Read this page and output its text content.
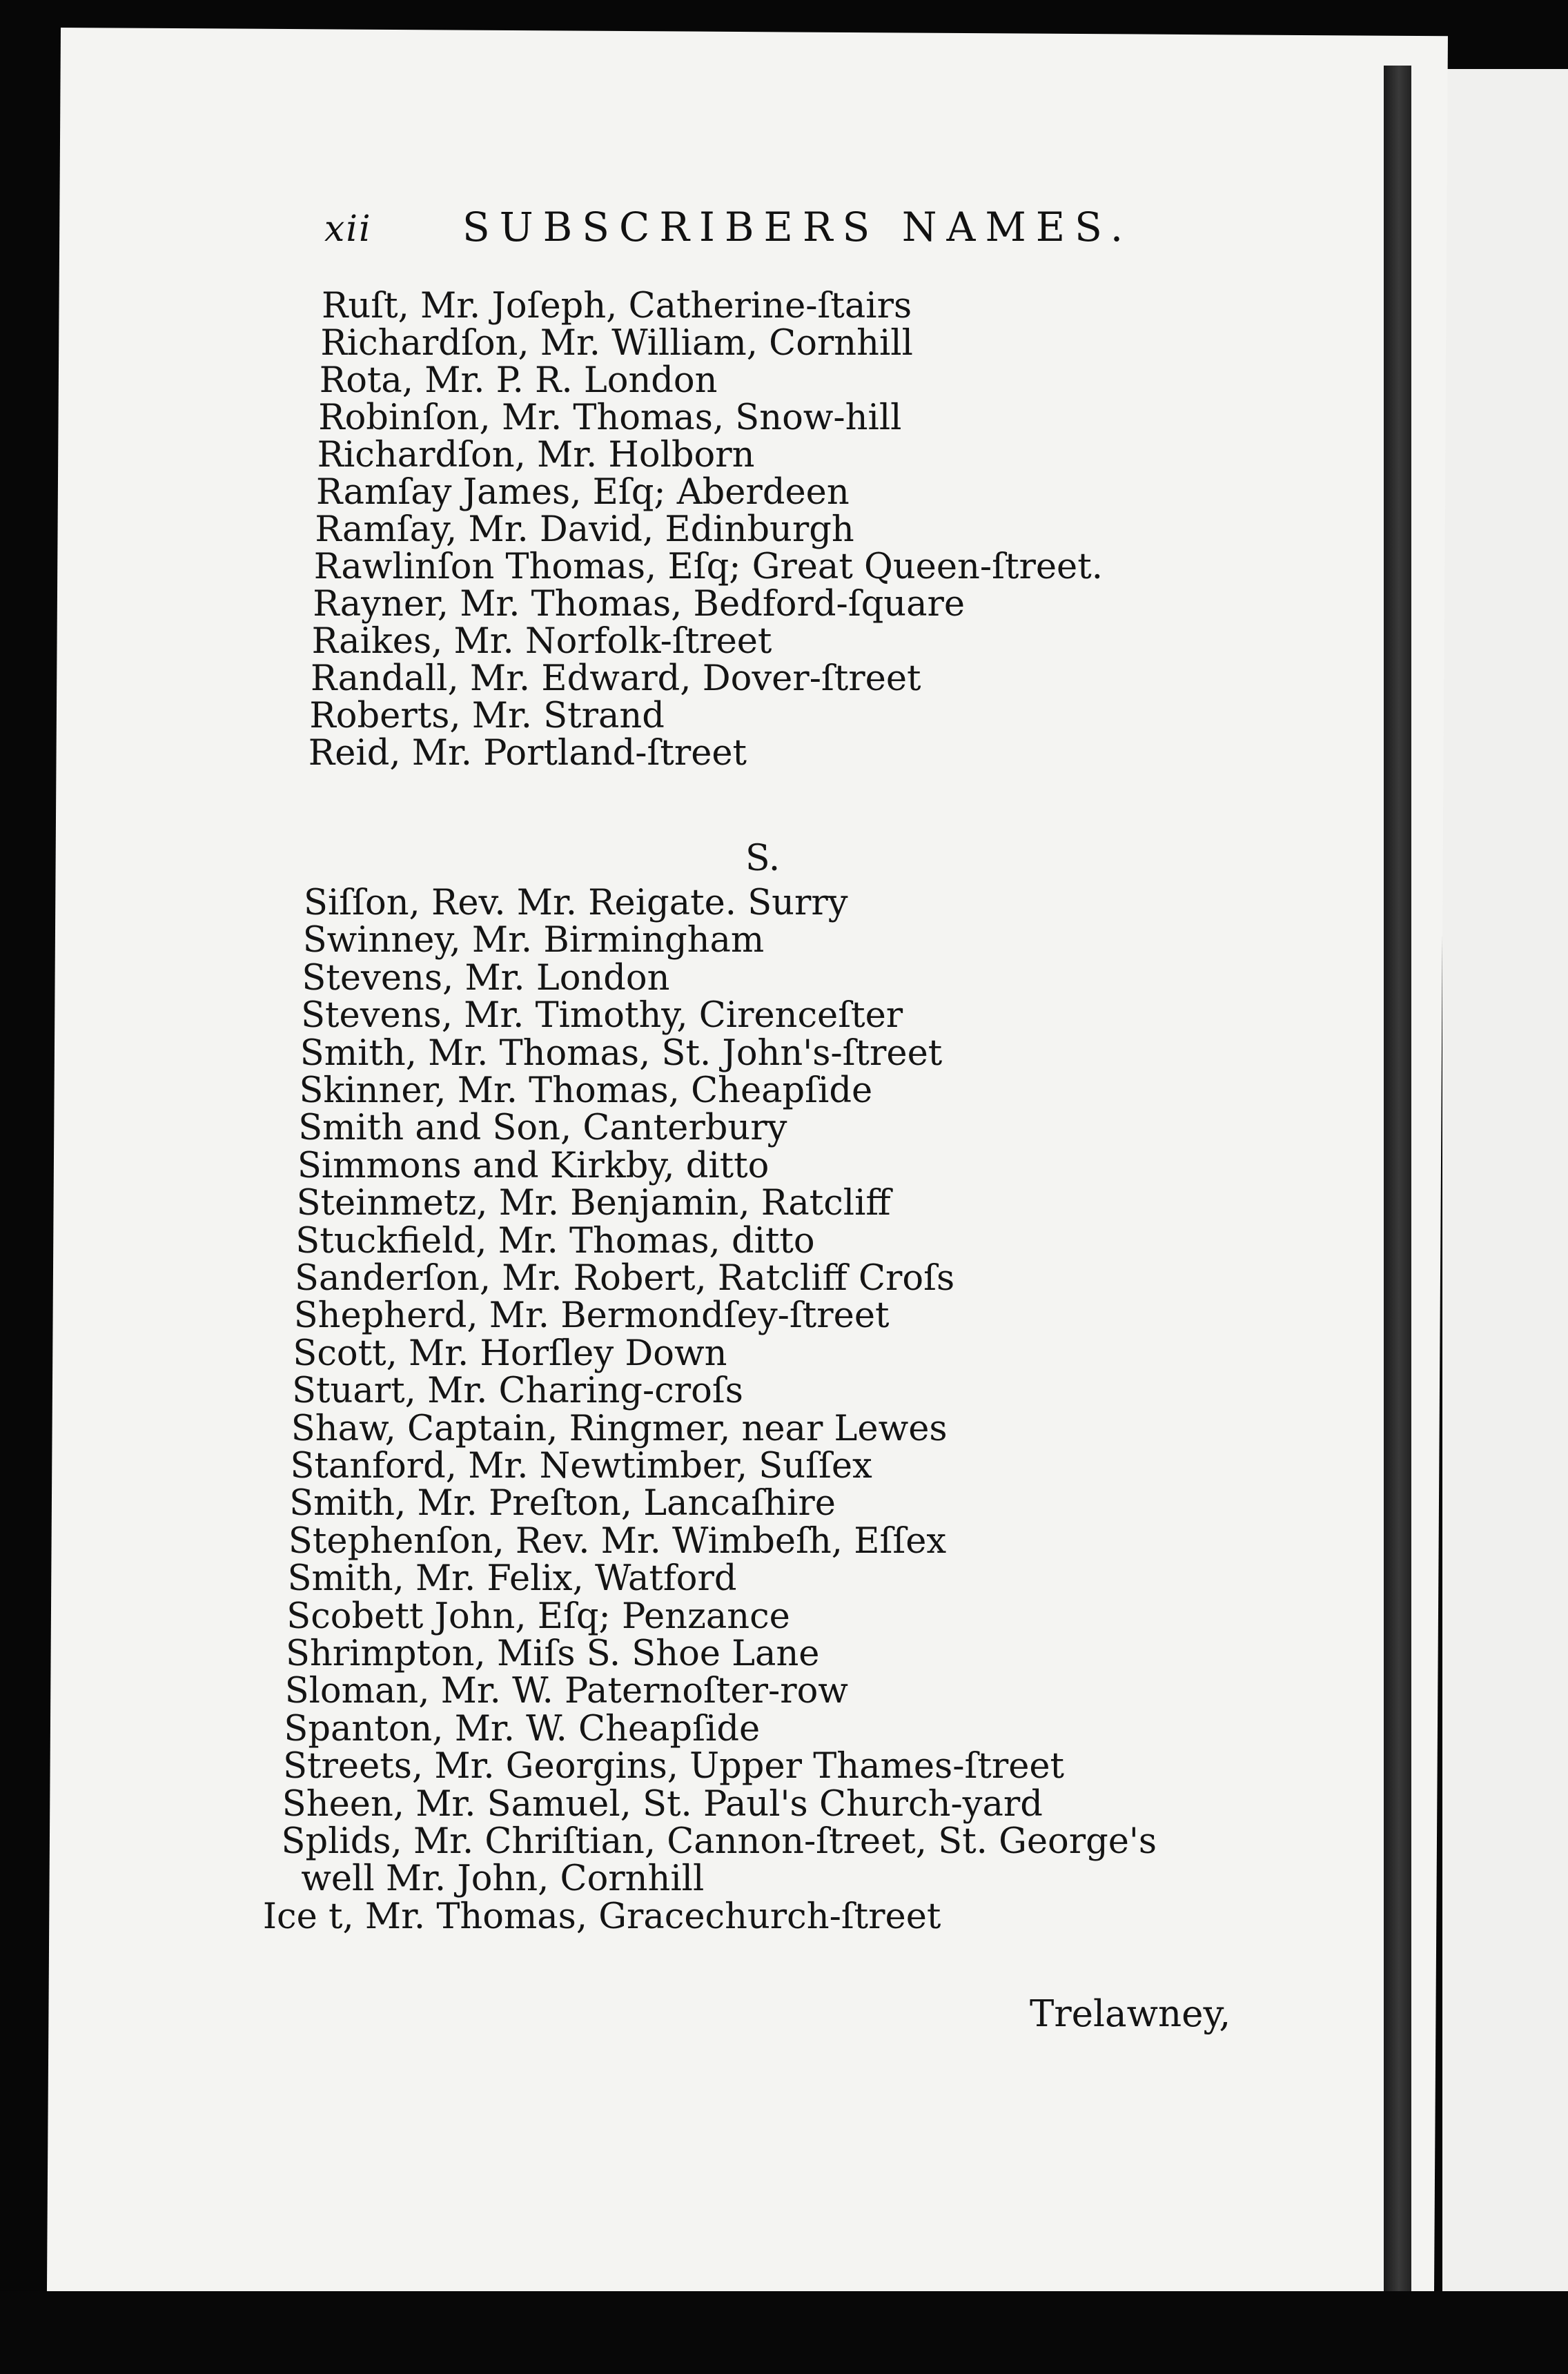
xii SUBSCRIBERS NAMES.
Ruſt, Mr. Joſeph, Catherine-ſtairs
Richardſon, Mr. William, Cornhill
Rota, Mr. P. R. London
Robinſon, Mr. Thomas, Snow-hill
Richardſon, Mr. Holborn
Ramſay James, Eſq; Aberdeen
Ramſay, Mr. David, Edinburgh
Rawlinſon Thomas, Eſq; Great Queen-ſtreet.
Rayner, Mr. Thomas, Bedford-ſquare
Raikes, Mr. Norfolk-ſtreet
Randall, Mr. Edward, Dover-ſtreet
Roberts, Mr. Strand
Reid, Mr. Portland-ſtreet
Siſſon, Rev. Mr. Reigate. Surry
Swinney, Mr. Birmingham
Stevens, Mr. London
Stevens, Mr. Timothy, Cirenceſter
Smith, Mr. Thomas, St. John's-ſtreet
Skinner, Mr. Thomas, Cheapſide
Smith and Son, Canterbury
Simmons and Kirkby, ditto
Steinmetz, Mr. Benjamin, Ratcliff
Stuckfield, Mr. Thomas, ditto
Sanderſon, Mr. Robert, Ratcliff Croſs
Shepherd, Mr. Bermondſey-ſtreet
Scott, Mr. Horſley Down
Stuart, Mr. Charing-croſs
Shaw, Captain, Ringmer, near Lewes
Stanford, Mr. Newtimber, Suſſex
Smith, Mr. Preſton, Lancaſhire
Stephenſon, Rev. Mr. Wimbeſh, Eſſex
Smith, Mr. Felix, Watford
Scobett John, Eſq; Penzance
Shrimpton, Miſs S. Shoe Lane
Sloman, Mr. W. Paternoſter-row
Spanton, Mr. W. Cheapſide
Streets, Mr. Georgins, Upper Thames-ſtreet
Sheen, Mr. Samuel, St. Paul's Church-yard
Splids, Mr. Chriſtian, Cannon-ſtreet, St. George's
well Mr. John, Cornhill
Ice t, Mr. Thomas, Gracechurch-ſtreet
S.
Trelawney,
